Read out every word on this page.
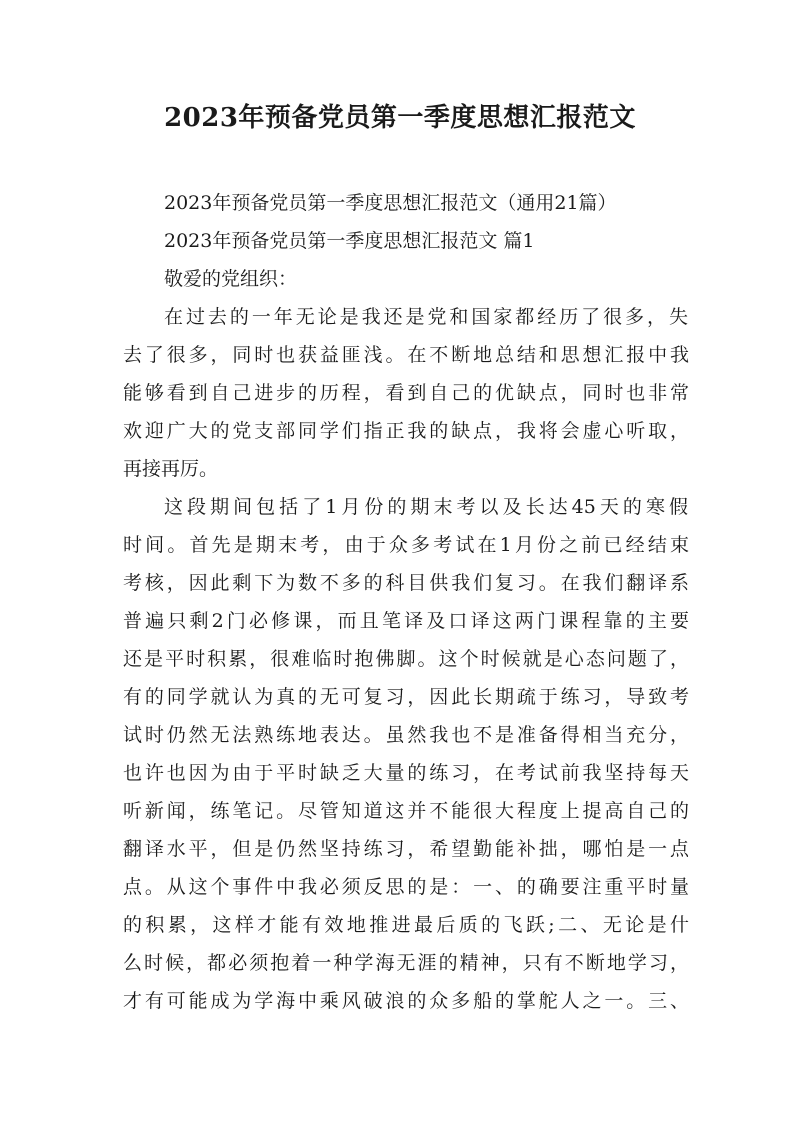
2023年预备党员第一季度思想汇报范文
2023年预备党员第一季度思想汇报范文（通用21篇）
2023年预备党员第一季度思想汇报范文 篇1
敬爱的党组织：
在过去的一年无论是我还是党和国家都经历了很多，失
去了很多，同时也获益匪浅。在不断地总结和思想汇报中我
能够看到自己进步的历程，看到自己的优缺点，同时也非常
欢迎广大的党支部同学们指正我的缺点，我将会虚心听取，
再接再厉。
这段期间包括了1月份的期末考以及长达45天的寒假
时间。首先是期末考，由于众多考试在1月份之前已经结束
考核，因此剩下为数不多的科目供我们复习。在我们翻译系
普遍只剩2门必修课，而且笔译及口译这两门课程靠的主要
还是平时积累，很难临时抱佛脚。这个时候就是心态问题了，
有的同学就认为真的无可复习，因此长期疏于练习，导致考
试时仍然无法熟练地表达。虽然我也不是准备得相当充分，
也许也因为由于平时缺乏大量的练习，在考试前我坚持每天
听新闻，练笔记。尽管知道这并不能很大程度上提高自己的
翻译水平，但是仍然坚持练习，希望勤能补拙，哪怕是一点
点。从这个事件中我必须反思的是：一、的确要注重平时量
的积累，这样才能有效地推进最后质的飞跃;二、无论是什
么时候，都必须抱着一种学海无涯的精神，只有不断地学习，
才有可能成为学海中乘风破浪的众多船的掌舵人之一。三、
